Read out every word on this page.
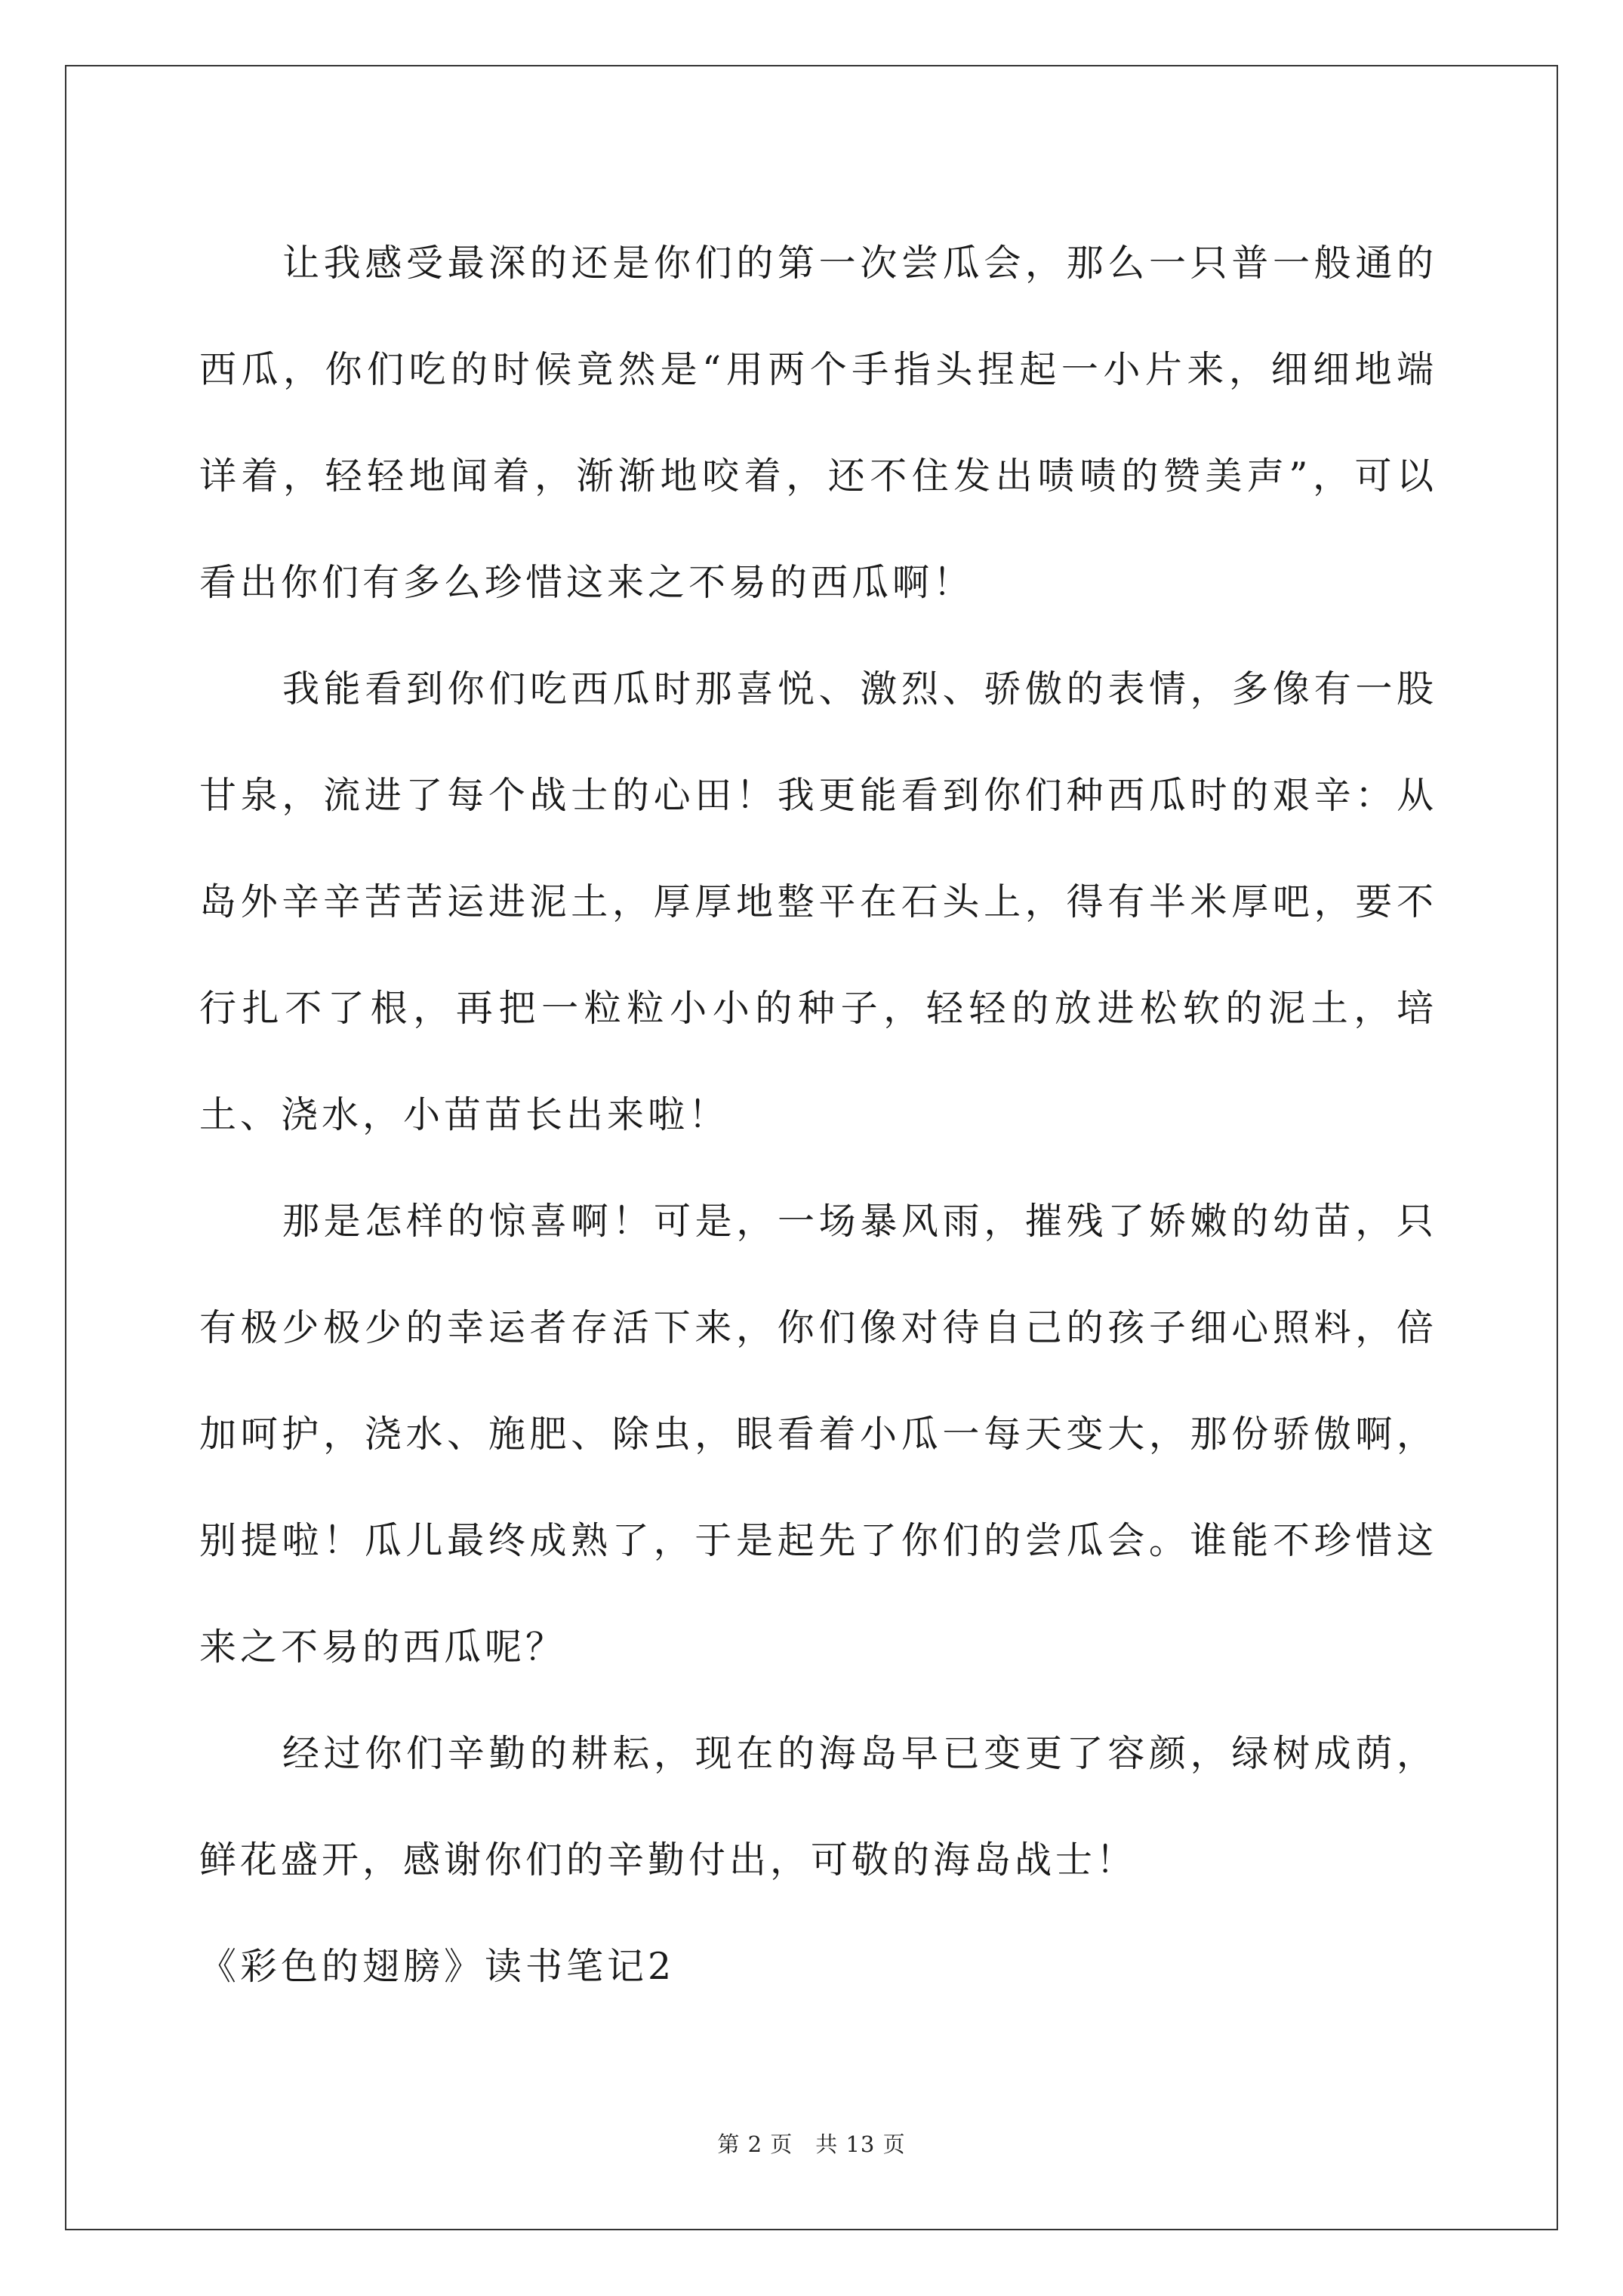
让我感受最深的还是你们的第一次尝瓜会，那么一只普一般通的西瓜，你们吃的时候竟然是“用两个手指头捏起一小片来，细细地端详着，轻轻地闻着，渐渐地咬着，还不住发出啧啧的赞美声”，可以看出你们有多么珍惜这来之不易的西瓜啊！

我能看到你们吃西瓜时那喜悦、激烈、骄傲的表情，多像有一股甘泉，流进了每个战士的心田！我更能看到你们种西瓜时的艰辛：从岛外辛辛苦苦运进泥土，厚厚地整平在石头上，得有半米厚吧，要不行扎不了根，再把一粒粒小小的种子，轻轻的放进松软的泥土，培土、浇水，小苗苗长出来啦！

那是怎样的惊喜啊！可是，一场暴风雨，摧残了娇嫩的幼苗，只有极少极少的幸运者存活下来，你们像对待自己的孩子细心照料，倍加呵护，浇水、施肥、除虫，眼看着小瓜一每天变大，那份骄傲啊，别提啦！瓜儿最终成熟了，于是起先了你们的尝瓜会。谁能不珍惜这来之不易的西瓜呢？

经过你们辛勤的耕耘，现在的海岛早已变更了容颜，绿树成荫，鲜花盛开，感谢你们的辛勤付出，可敬的海岛战士！

《彩色的翅膀》读书笔记2

第 2 页　共 13 页
